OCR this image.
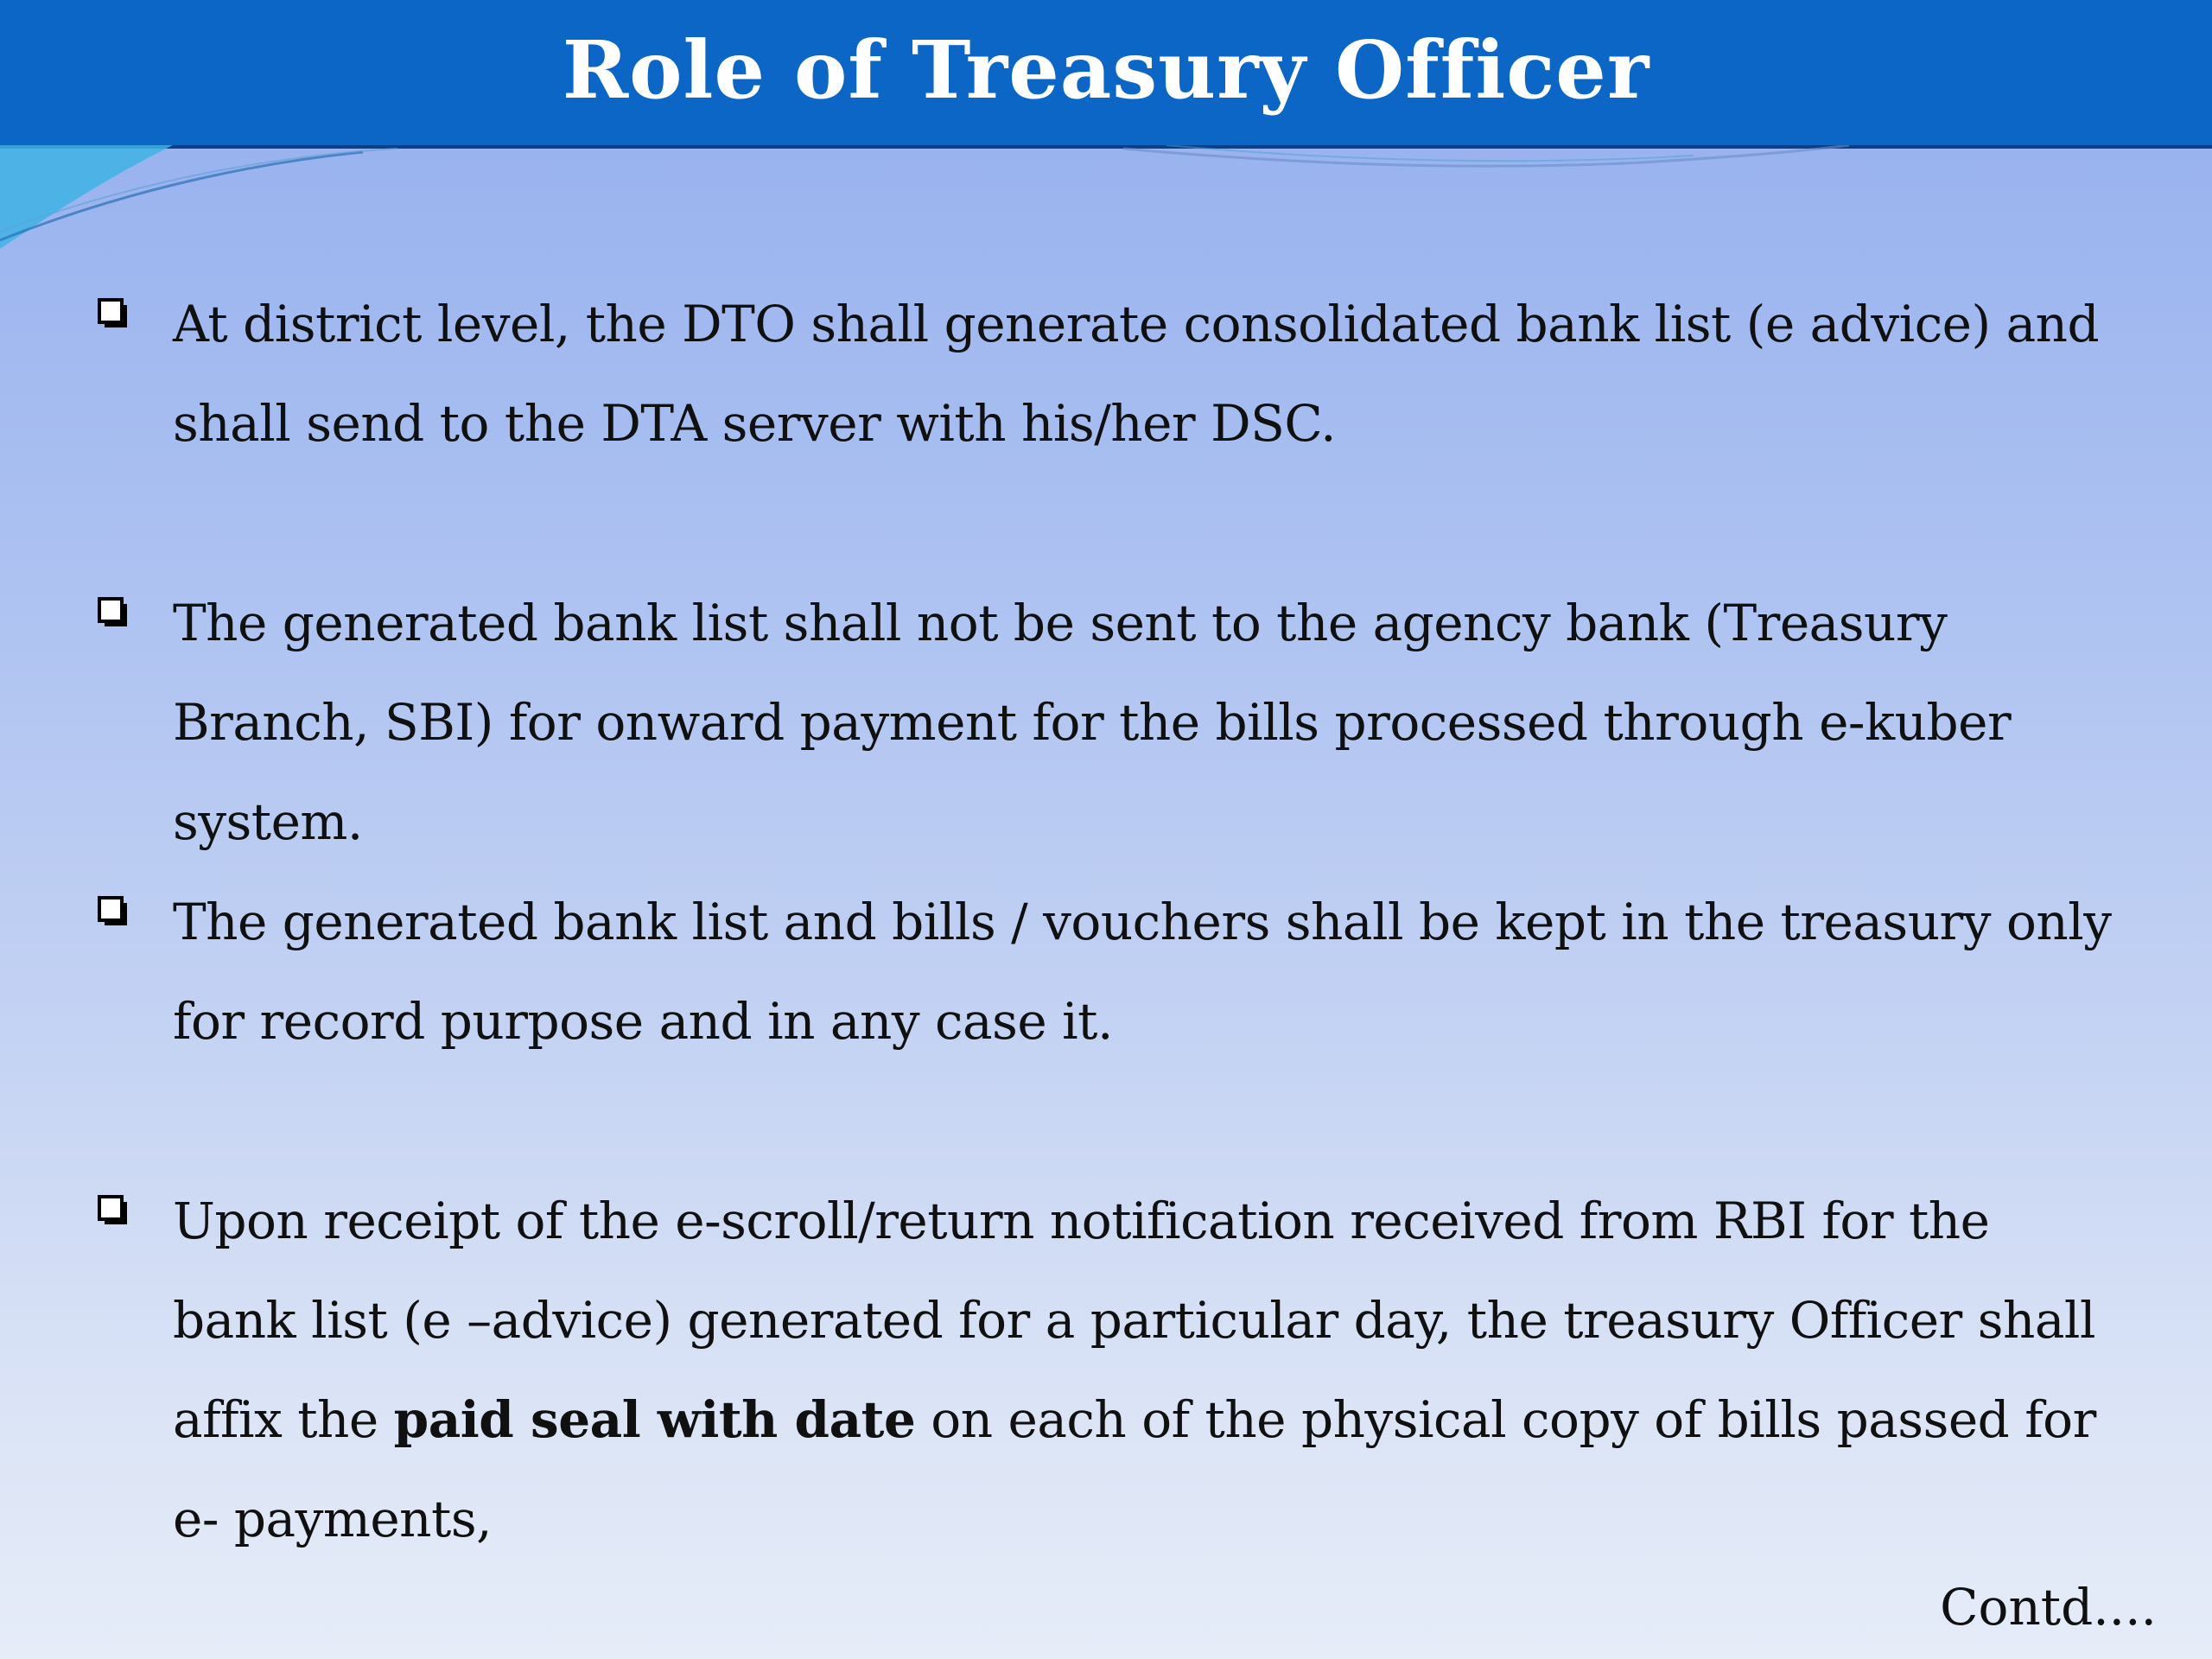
Role of Treasury Officer

At district level, the DTO shall generate consolidated bank list (e advice) and shall send to the DTA server with his/her DSC.

The generated bank list shall not be sent to the agency bank (Treasury Branch, SBI) for onward payment for the bills processed through e-kuber system.

The generated bank list and bills / vouchers shall be kept in the treasury only for record purpose and in any case it.

Upon receipt of the e-scroll/return notification received from RBI for the bank list (e –advice) generated for a particular day, the treasury Officer shall affix the paid seal with date on each of the physical copy of bills passed for e- payments,

Contd....
